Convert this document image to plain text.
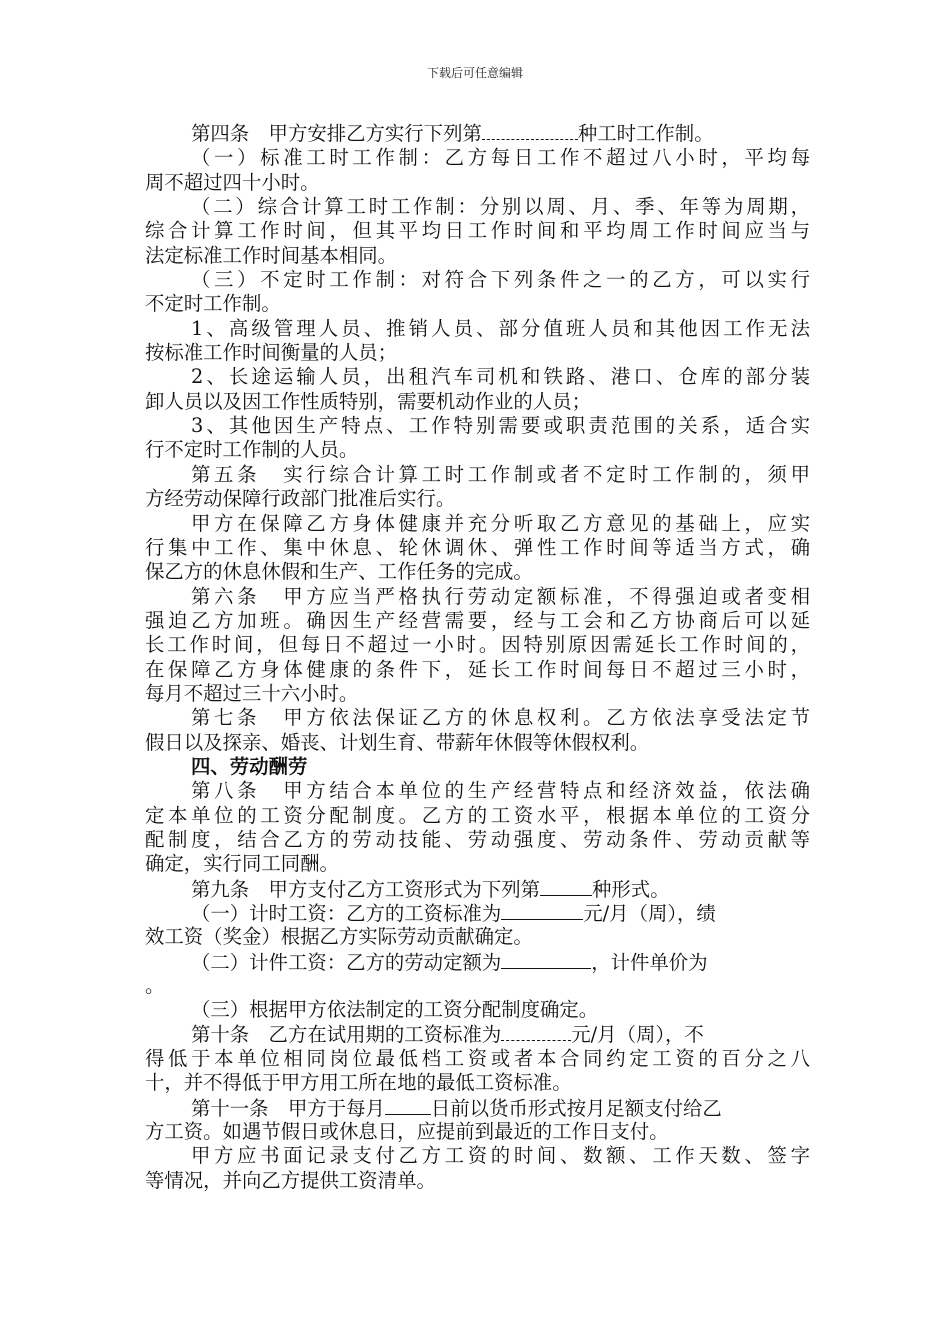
下载后可任意编辑
第四条　甲方安排乙方实行下列第	种工时工作制。
（一）标准工时工作制：乙方每日工作不超过八小时，平均每
周不超过四十小时。
（二）综合计算工时工作制：分别以周、月、季、年等为周期，
综合计算工作时间，但其平均日工作时间和平均周工作时间应当与
法定标准工作时间基本相同。
（三）不定时工作制：对符合下列条件之一的乙方，可以实行
不定时工作制。
1、高级管理人员、推销人员、部分值班人员和其他因工作无法
按标准工作时间衡量的人员；
2、长途运输人员，出租汽车司机和铁路、港口、仓库的部分装
卸人员以及因工作性质特别，需要机动作业的人员；
3、其他因生产特点、工作特别需要或职责范围的关系，适合实
行不定时工作制的人员。
第五条　实行综合计算工时工作制或者不定时工作制的，须甲
方经劳动保障行政部门批准后实行。
甲方在保障乙方身体健康并充分听取乙方意见的基础上，应实
行集中工作、集中休息、轮休调休、弹性工作时间等适当方式，确
保乙方的休息休假和生产、工作任务的完成。
第六条　甲方应当严格执行劳动定额标准，不得强迫或者变相
强迫乙方加班。确因生产经营需要，经与工会和乙方协商后可以延
长工作时间，但每日不超过一小时。因特别原因需延长工作时间的，
在保障乙方身体健康的条件下，延长工作时间每日不超过三小时，
每月不超过三十六小时。
第七条　甲方依法保证乙方的休息权利。乙方依法享受法定节
假日以及探亲、婚丧、计划生育、带薪年休假等休假权利。
四、劳动酬劳
第八条　甲方结合本单位的生产经营特点和经济效益，依法确
定本单位的工资分配制度。乙方的工资水平，根据本单位的工资分
配制度，结合乙方的劳动技能、劳动强度、劳动条件、劳动贡献等
确定，实行同工同酬。
第九条　甲方支付乙方工资形式为下列第	种形式。
（一）计时工资：乙方的工资标准为	元/月（周），绩
效工资（奖金）根据乙方实际劳动贡献确定。
（二）计件工资：乙方的劳动定额为	，计件单价为
。
（三）根据甲方依法制定的工资分配制度确定。
第十条　乙方在试用期的工资标准为	元/月（周），不
得低于本单位相同岗位最低档工资或者本合同约定工资的百分之八
十，并不得低于甲方用工所在地的最低工资标准。
第十一条　甲方于每月 日前以货币形式按月足额支付给乙
方工资。如遇节假日或休息日，应提前到最近的工作日支付。
甲方应书面记录支付乙方工资的时间、数额、工作天数、签字
等情况，并向乙方提供工资清单。
